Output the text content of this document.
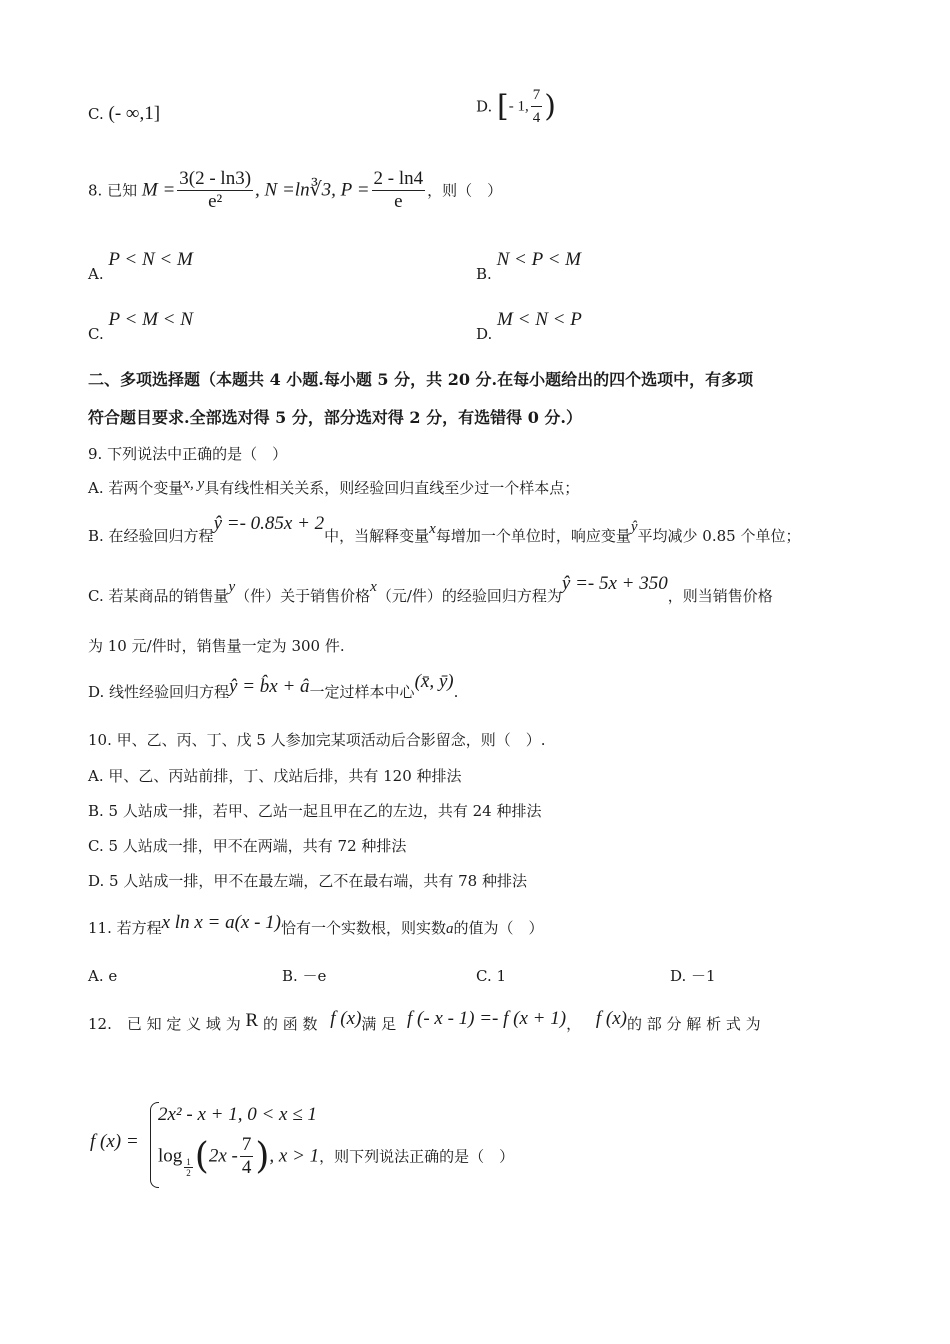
C. (- ∞,1]	D. [- 1, $\frac{7}{4}$ )
8. 已知 $M = \frac{3(2 - \ln 3)}{\text{e²}}$ , N =ln∛3, $P = \frac{2 - \ln 4}{e}$ ，则（　）
A. P < N < M
B. N < P < M
C. P < M < N
D. M < N < P
二、多项选择题（本题共 4 小题.每小题 5 分，共 20 分.在每小题给出的四个选项中，有多项
符合题目要求.全部选对得 5 分，部分选对得 2 分，有选错得 0 分.）
9. 下列说法中正确的是（　）
A. 若两个变量x, y具有线性相关关系，则经验回归直线至少过一个样本点；
B. 在经验回归方程ŷ =- 0.85x + 2中，当解释变量x每增加一个单位时，响应变量ŷ平均减少 0.85 个单位；
C. 若某商品的销售量y（件）关于销售价格x（元/件）的经验回归方程为ŷ =- 5x + 350，则当销售价格
为 10 元/件时，销售量一定为 300 件.
D. 线性经验回归方程ŷ = b̂x + â一定过样本中心(x̄, ȳ).
10. 甲、乙、丙、丁、戊 5 人参加完某项活动后合影留念，则（　）.
A. 甲、乙、丙站前排，丁、戊站后排，共有 120 种排法
B. 5 人站成一排，若甲、乙站一起且甲在乙的左边，共有 24 种排法
C. 5 人站成一排，甲不在两端，共有 72 种排法
D. 5 人站成一排，甲不在最左端，乙不在最右端，共有 78 种排法
11. 若方程x ln x = a(x - 1)恰有一个实数根，则实数a的值为（　）
A. e	B. －e	C. 1	D. －1
12.　已 知 定 义 域 为 R 的 函 数 f (x)满 足 f (- x - 1) =- f (x + 1)， f (x)的 部 分 解 析 式 为
f (x) =
2x² - x + 1, 0 < x ≤ 1
log
$\frac{1}{2} (2x - \frac{7}{4}$ ), x > 1，则下列说法正确的是（　）
